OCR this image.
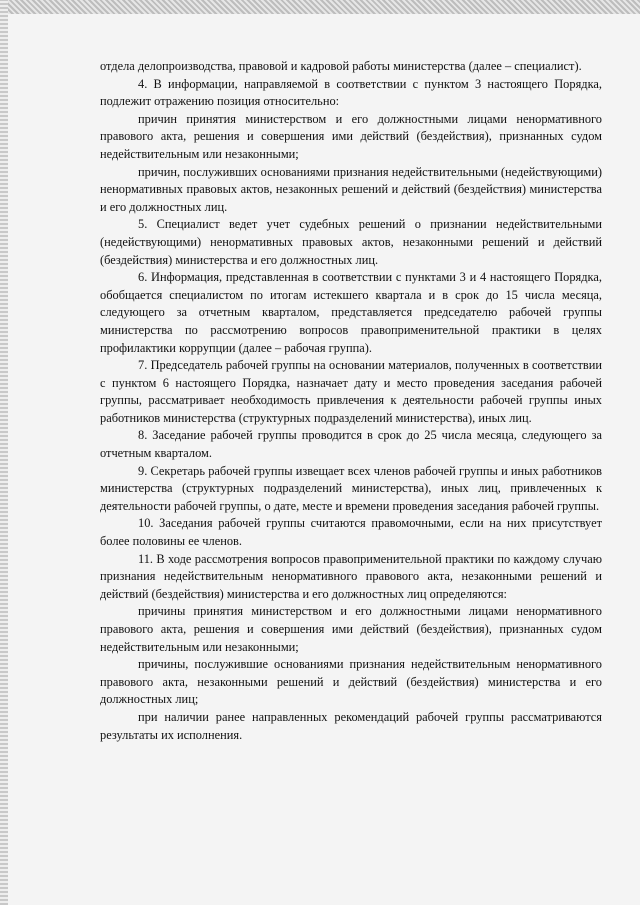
отдела делопроизводства, правовой и кадровой работы министерства (далее – специалист).

4. В информации, направляемой в соответствии с пунктом 3 настоящего Порядка, подлежит отражению позиция относительно:

причин принятия министерством и его должностными лицами ненормативного правового акта, решения и совершения ими действий (бездействия), признанных судом недействительным или незаконными;

причин, послуживших основаниями признания недействительными (недействующими) ненормативных правовых актов, незаконных решений и действий (бездействия) министерства и его должностных лиц.

5. Специалист ведет учет судебных решений о признании недействительными (недействующими) ненормативных правовых актов, незаконными решений и действий (бездействия) министерства и его должностных лиц.

6. Информация, представленная в соответствии с пунктами 3 и 4 настоящего Порядка, обобщается специалистом по итогам истекшего квартала и в срок до 15 числа месяца, следующего за отчетным кварталом, представляется председателю рабочей группы министерства по рассмотрению вопросов правоприменительной практики в целях профилактики коррупции (далее – рабочая группа).

7. Председатель рабочей группы на основании материалов, полученных в соответствии с пунктом 6 настоящего Порядка, назначает дату и место проведения заседания рабочей группы, рассматривает необходимость привлечения к деятельности рабочей группы иных работников министерства (структурных подразделений министерства), иных лиц.

8. Заседание рабочей группы проводится в срок до 25 числа месяца, следующего за отчетным кварталом.

9. Секретарь рабочей группы извещает всех членов рабочей группы и иных работников министерства (структурных подразделений министерства), иных лиц, привлеченных к деятельности рабочей группы, о дате, месте и времени проведения заседания рабочей группы.

10. Заседания рабочей группы считаются правомочными, если на них присутствует более половины ее членов.

11. В ходе рассмотрения вопросов правоприменительной практики по каждому случаю признания недействительным ненормативного правового акта, незаконными решений и действий (бездействия) министерства и его должностных лиц определяются:

причины принятия министерством и его должностными лицами ненормативного правового акта, решения и совершения ими действий (бездействия), признанных судом недействительным или незаконными;

причины, послужившие основаниями признания недействительным ненормативного правового акта, незаконными решений и действий (бездействия) министерства и его должностных лиц;

при наличии ранее направленных рекомендаций рабочей группы рассматриваются результаты их исполнения.
